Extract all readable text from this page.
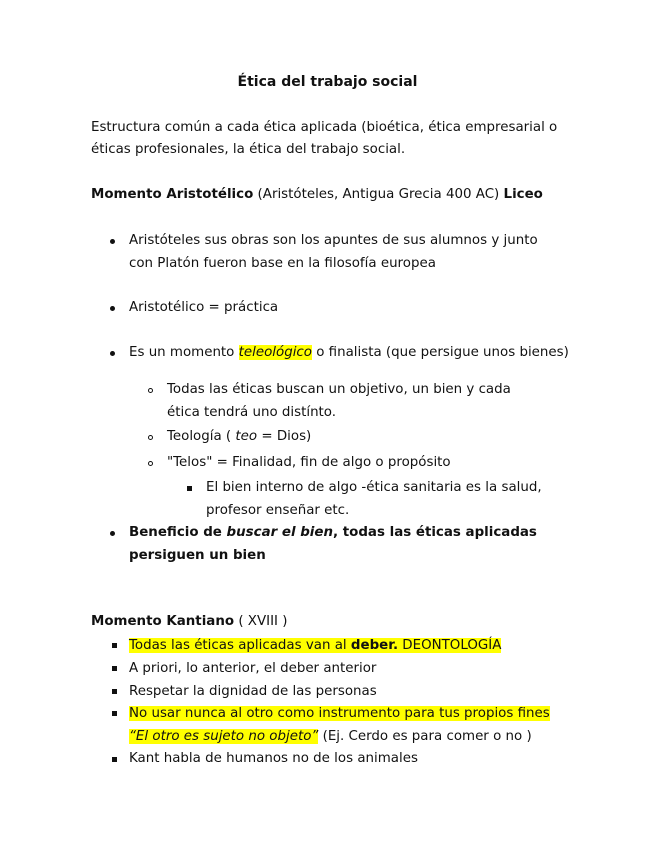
Ética del trabajo social
Estructura común a cada ética aplicada (bioética, ética empresarial o éticas profesionales, la ética del trabajo social.
Momento Aristotélico (Aristóteles, Antigua Grecia 400 AC) Liceo
Aristóteles sus obras son los apuntes de sus alumnos y junto con Platón fueron base en la filosofía europea
Aristotélico = práctica
Es un momento teleológico o finalista (que persigue unos bienes)
Todas las éticas buscan un objetivo, un bien y cada ética tendrá uno distínto.
Teología ( teo = Dios)
"Telos" = Finalidad, fin de algo o propósito
El bien interno de algo -ética sanitaria es la salud, profesor enseñar etc.
Beneficio de buscar el bien, todas las éticas aplicadas persiguen un bien
Momento Kantiano ( XVIII )
Todas las éticas aplicadas van al deber. DEONTOLOGÍA
A priori, lo anterior, el deber anterior
Respetar la dignidad de las personas
No usar nunca al otro como instrumento para tus propios fines “El otro es sujeto no objeto” (Ej. Cerdo es para comer o no )
Kant habla de humanos no de los animales
